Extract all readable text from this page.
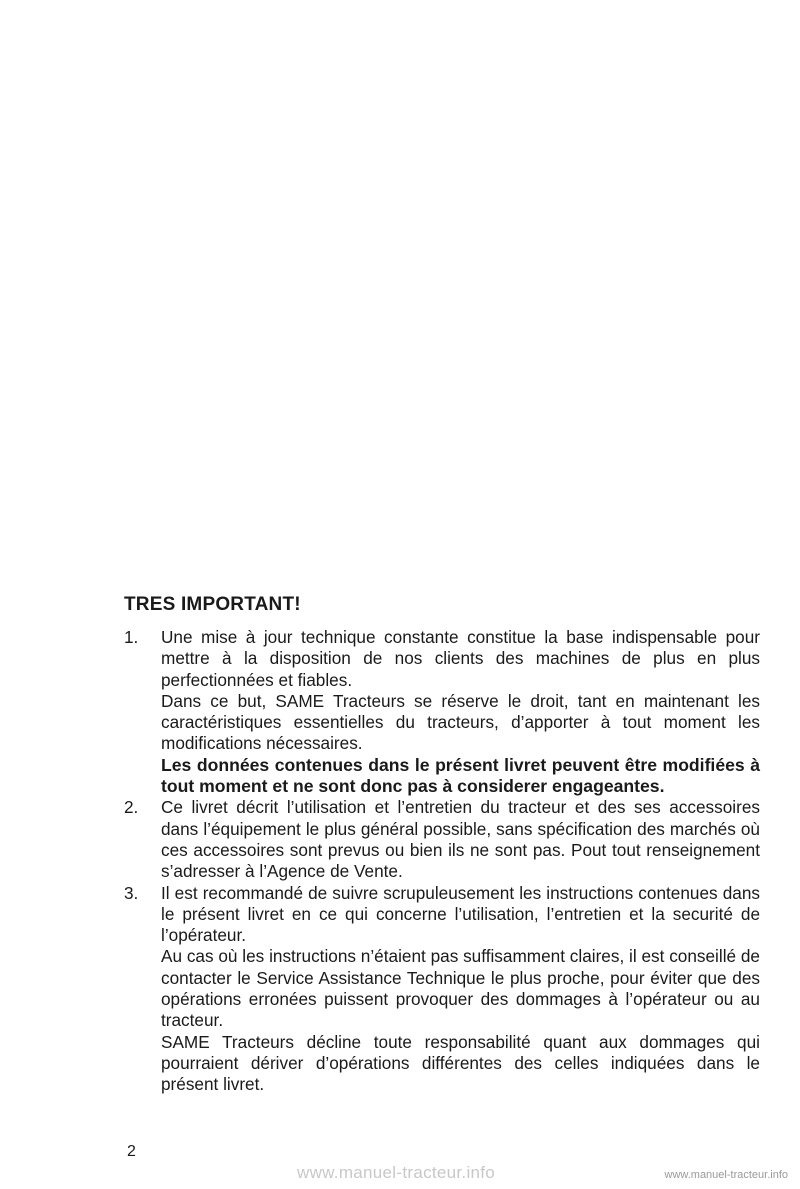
TRES IMPORTANT!
1. Une mise à jour technique constante constitue la base indispensable pour mettre à la disposition de nos clients des machines de plus en plus perfectionnées et fiables.
Dans ce but, SAME Tracteurs se réserve le droit, tant en maintenant les caractéristiques essentielles du tracteurs, d’apporter à tout moment les modifications nécessaires.
Les données contenues dans le présent livret peuvent être modifiées à tout moment et ne sont donc pas à considerer engageantes.
2. Ce livret décrit l’utilisation et l’entretien du tracteur et des ses accessoires dans l’équipement le plus général possible, sans spécification des marchés où ces accessoires sont prevus ou bien ils ne sont pas. Pout tout renseignement s’adresser à l’Agence de Vente.
3. Il est recommandé de suivre scrupuleusement les instructions contenues dans le présent livret en ce qui concerne l’utilisation, l’entretien et la securité de l’opérateur.
Au cas où les instructions n’étaient pas suffisamment claires, il est conseillé de contacter le Service Assistance Technique le plus proche, pour éviter que des opérations erronées puissent provoquer des dommages à l’opérateur ou au tracteur.
SAME Tracteurs décline toute responsabilité quant aux dommages qui pourraient dériver d’opérations différentes des celles indiquées dans le présent livret.
2
www.manuel-tracteur.info	www.manuel-tracteur.info
